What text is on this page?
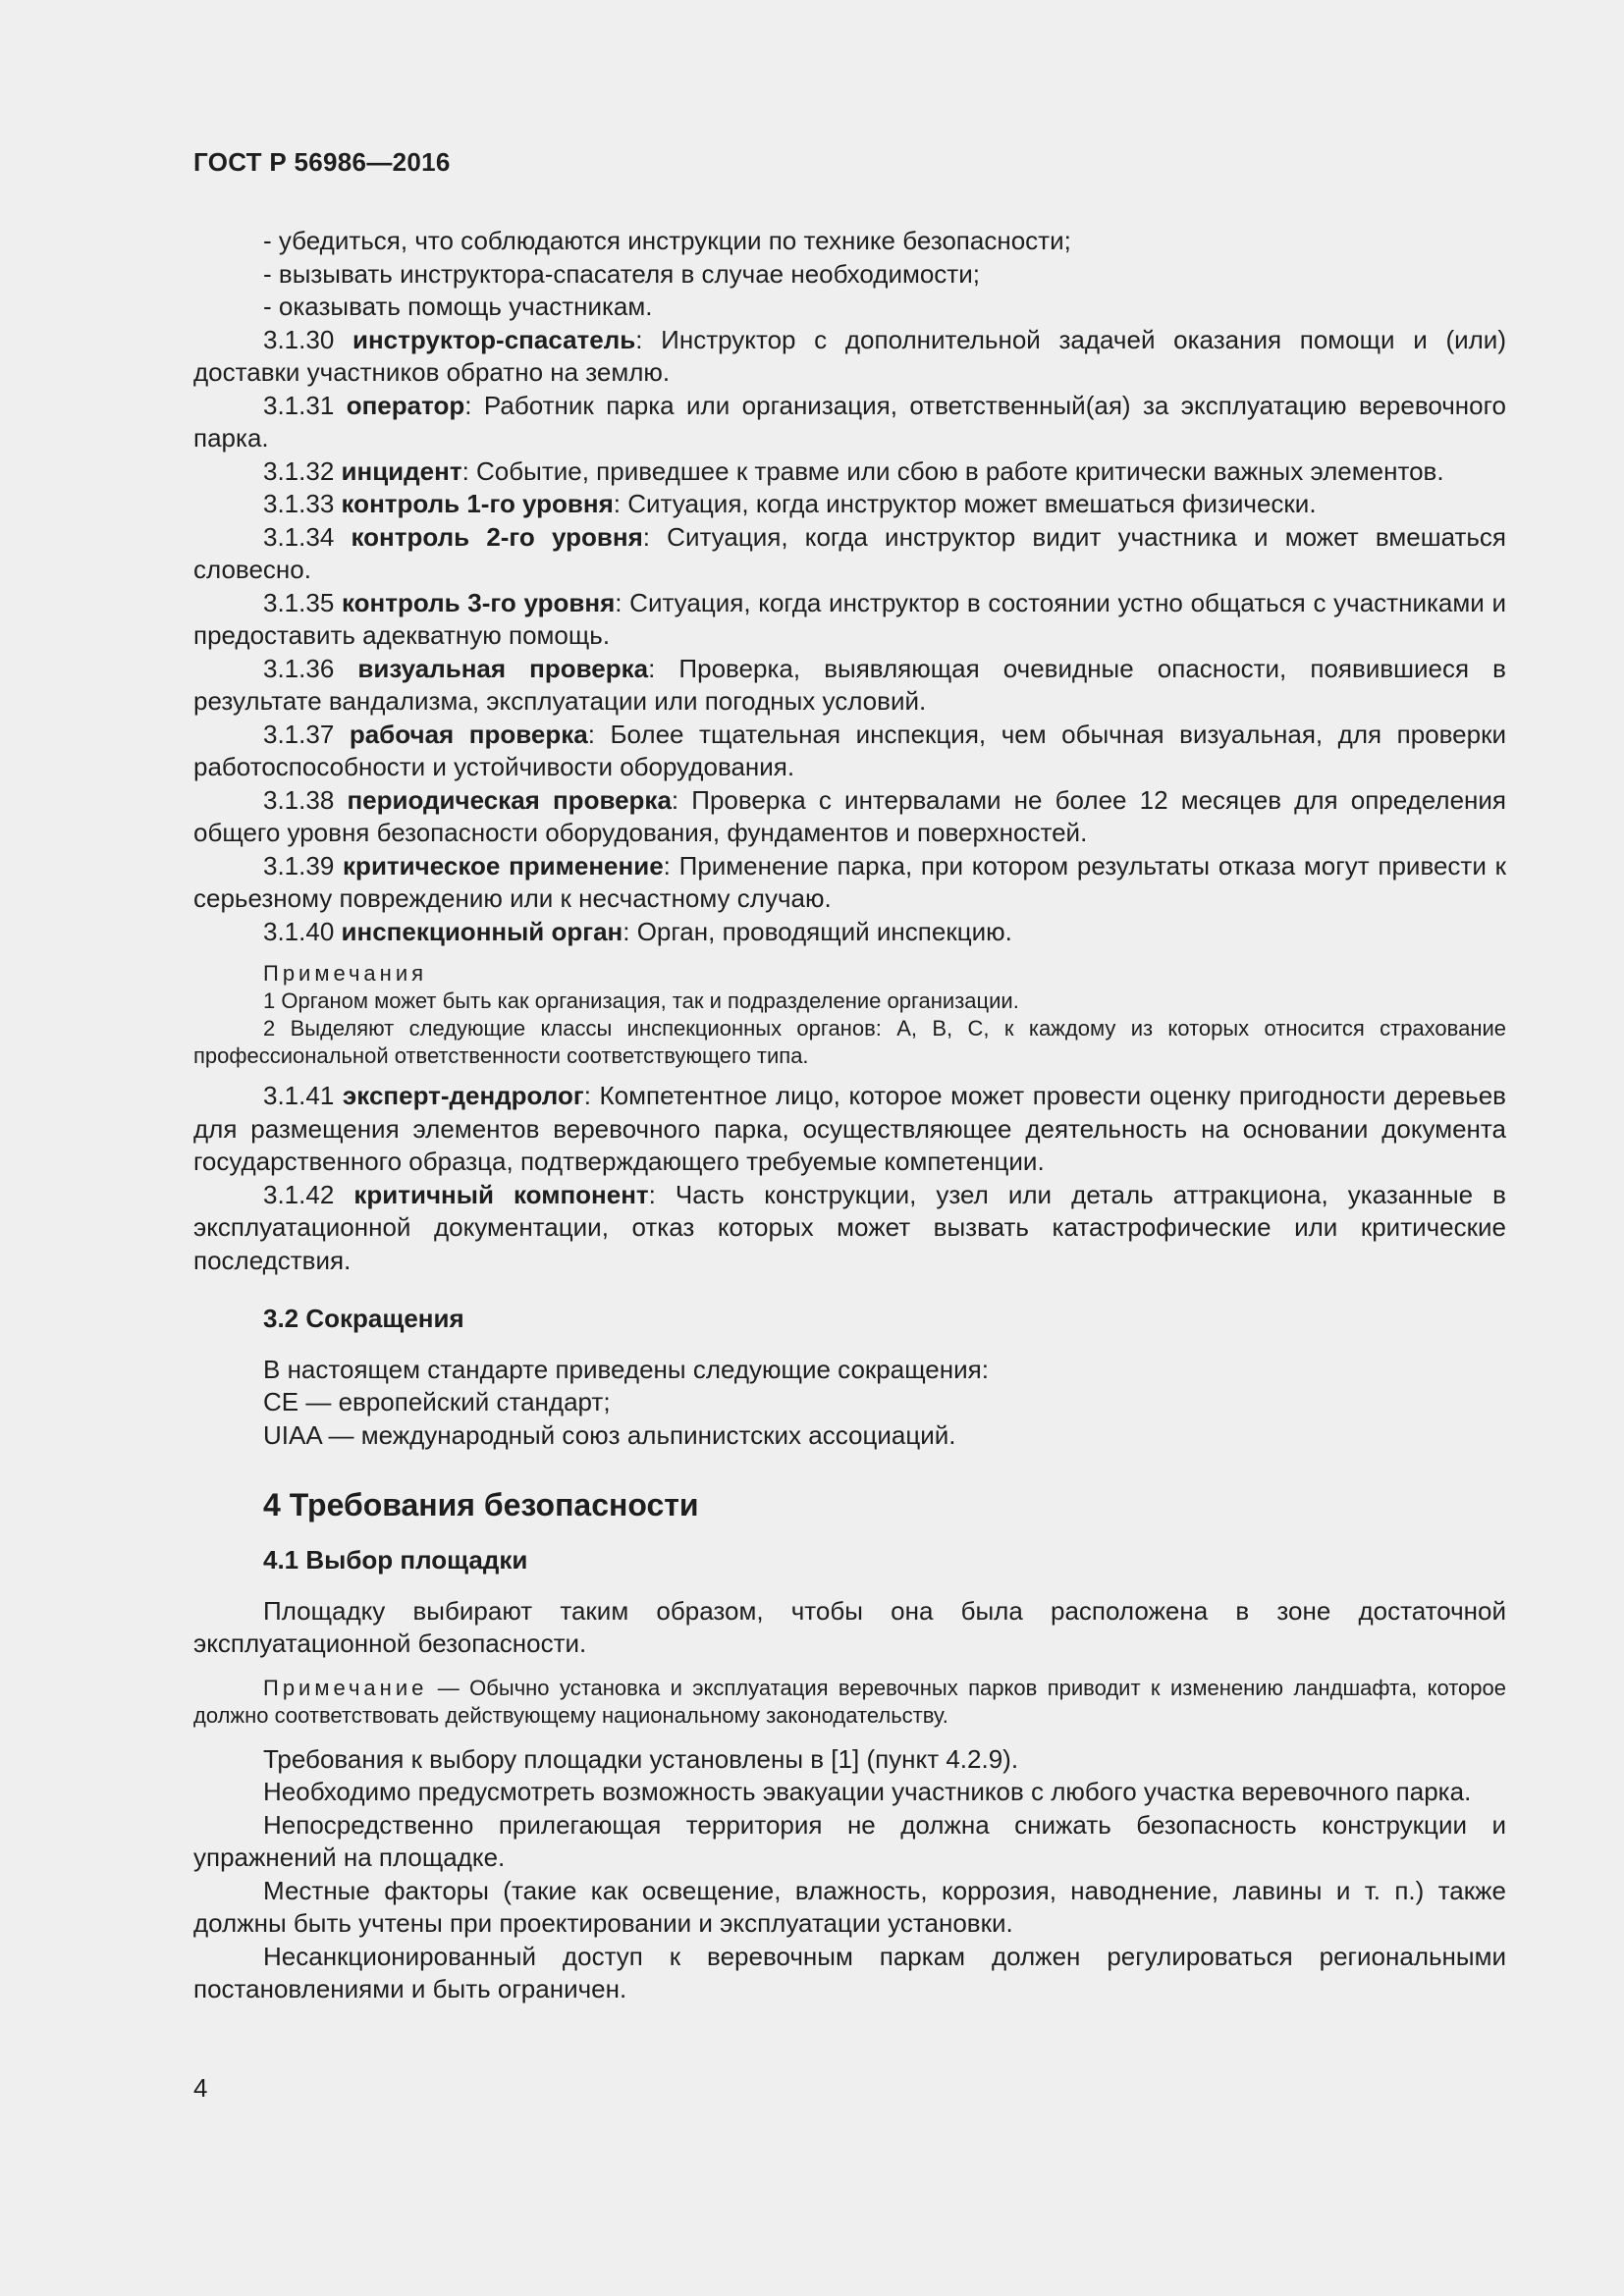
ГОСТ Р 56986—2016

- убедиться, что соблюдаются инструкции по технике безопасности;

- вызывать инструктора-спасателя в случае необходимости;

- оказывать помощь участникам.

3.1.30 инструктор-спасатель: Инструктор с дополнительной задачей оказания помощи и (или) доставки участников обратно на землю.

3.1.31 оператор: Работник парка или организация, ответственный(ая) за эксплуатацию веревочного парка.

3.1.32 инцидент: Событие, приведшее к травме или сбою в работе критически важных элементов.

3.1.33 контроль 1-го уровня: Ситуация, когда инструктор может вмешаться физически.

3.1.34 контроль 2-го уровня: Ситуация, когда инструктор видит участника и может вмешаться словесно.

3.1.35 контроль 3-го уровня: Ситуация, когда инструктор в состоянии устно общаться с участниками и предоставить адекватную помощь.

3.1.36 визуальная проверка: Проверка, выявляющая очевидные опасности, появившиеся в результате вандализма, эксплуатации или погодных условий.

3.1.37 рабочая проверка: Более тщательная инспекция, чем обычная визуальная, для проверки работоспособности и устойчивости оборудования.

3.1.38 периодическая проверка: Проверка с интервалами не более 12 месяцев для определения общего уровня безопасности оборудования, фундаментов и поверхностей.

3.1.39 критическое применение: Применение парка, при котором результаты отказа могут привести к серьезному повреждению или к несчастному случаю.

3.1.40 инспекционный орган: Орган, проводящий инспекцию.

Примечания

1 Органом может быть как организация, так и подразделение организации.

2 Выделяют следующие классы инспекционных органов: А, В, С, к каждому из которых относится страхование профессиональной ответственности соответствующего типа.

3.1.41 эксперт-дендролог: Компетентное лицо, которое может провести оценку пригодности деревьев для размещения элементов веревочного парка, осуществляющее деятельность на основании документа государственного образца, подтверждающего требуемые компетенции.

3.1.42 критичный компонент: Часть конструкции, узел или деталь аттракциона, указанные в эксплуатационной документации, отказ которых может вызвать катастрофические или критические последствия.

3.2 Сокращения

В настоящем стандарте приведены следующие сокращения:

СЕ — европейский стандарт;

UIAA — международный союз альпинистских ассоциаций.

4 Требования безопасности

4.1 Выбор площадки

Площадку выбирают таким образом, чтобы она была расположена в зоне достаточной эксплуатационной безопасности.

Примечание — Обычно установка и эксплуатация веревочных парков приводит к изменению ландшафта, которое должно соответствовать действующему национальному законодательству.

Требования к выбору площадки установлены в [1] (пункт 4.2.9).

Необходимо предусмотреть возможность эвакуации участников с любого участка веревочного парка.

Непосредственно прилегающая территория не должна снижать безопасность конструкции и упражнений на площадке.

Местные факторы (такие как освещение, влажность, коррозия, наводнение, лавины и т. п.) также должны быть учтены при проектировании и эксплуатации установки.

Несанкционированный доступ к веревочным паркам должен регулироваться региональными постановлениями и быть ограничен.

4
